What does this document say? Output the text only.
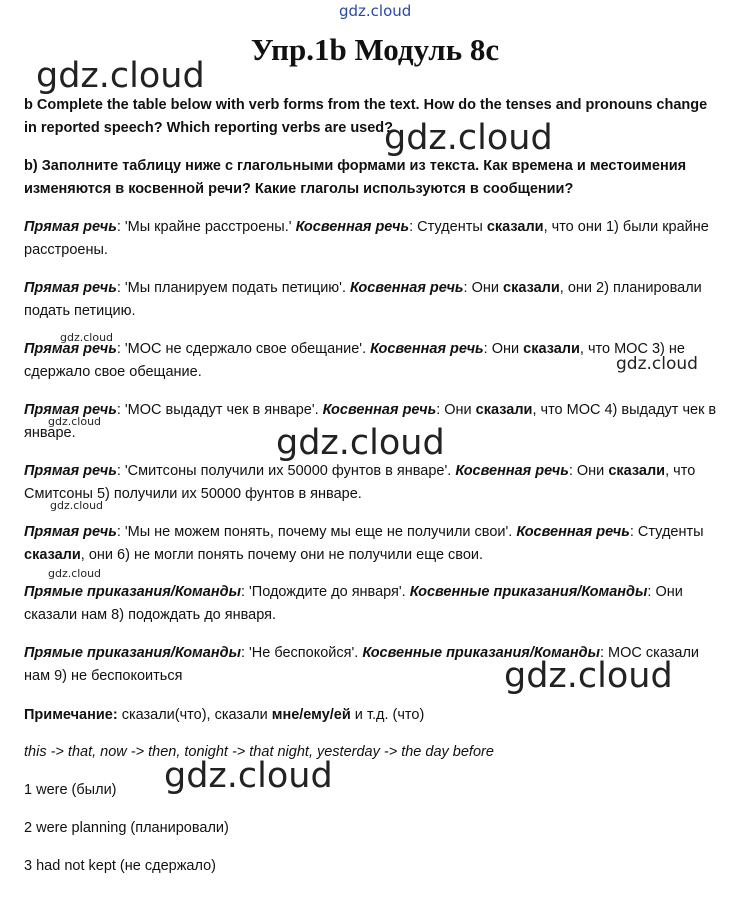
gdz.cloud
gdz.cloud
gdz.cloud
gdz.cloud
gdz.cloud
gdz.cloud
gdz.cloud
gdz.cloud
gdz.cloud
gdz.cloud
gdz.cloud
Упр.1b Модуль 8с

b Complete the table below with verb forms from the text. How do the tenses and pronouns change in reported speech? Which reporting verbs are used?

b) Заполните таблицу ниже с глагольными формами из текста. Как времена и местоимения изменяются в косвенной речи? Какие глаголы используются в сообщении?

Прямая речь: 'Мы крайне расстроены.' Косвенная речь: Студенты сказали, что они 1) были крайне расстроены.

Прямая речь: 'Мы планируем подать петицию'. Косвенная речь: Они сказали, они 2) планировали подать петицию.

Прямая речь: 'МОС не сдержало свое обещание'. Косвенная речь: Они сказали, что МОС 3) не сдержало свое обещание.

Прямая речь: 'МОС выдадут чек в январе'. Косвенная речь: Они сказали, что МОС 4) выдадут чек в январе.

Прямая речь: 'Смитсоны получили их 50000 фунтов в январе'. Косвенная речь: Они сказали, что Смитсоны 5) получили их 50000 фунтов в январе.

Прямая речь: 'Мы не можем понять, почему мы еще не получили свои'. Косвенная речь: Студенты сказали, они 6) не могли понять почему они не получили еще свои.

Прямые приказания/Команды: 'Подождите до января'. Косвенные приказания/Команды: Они сказали нам 8) подождать до января.

Прямые приказания/Команды: 'Не беспокойся'. Косвенные приказания/Команды: МОС сказали нам 9) не беспокоиться

Примечание: сказали(что), сказали мне/ему/ей и т.д. (что)

this -> that, now -> then, tonight -> that night, yesterday -> the day before

1 were (были)

2 were planning (планировали)

3 had not kept (не сдержало)
